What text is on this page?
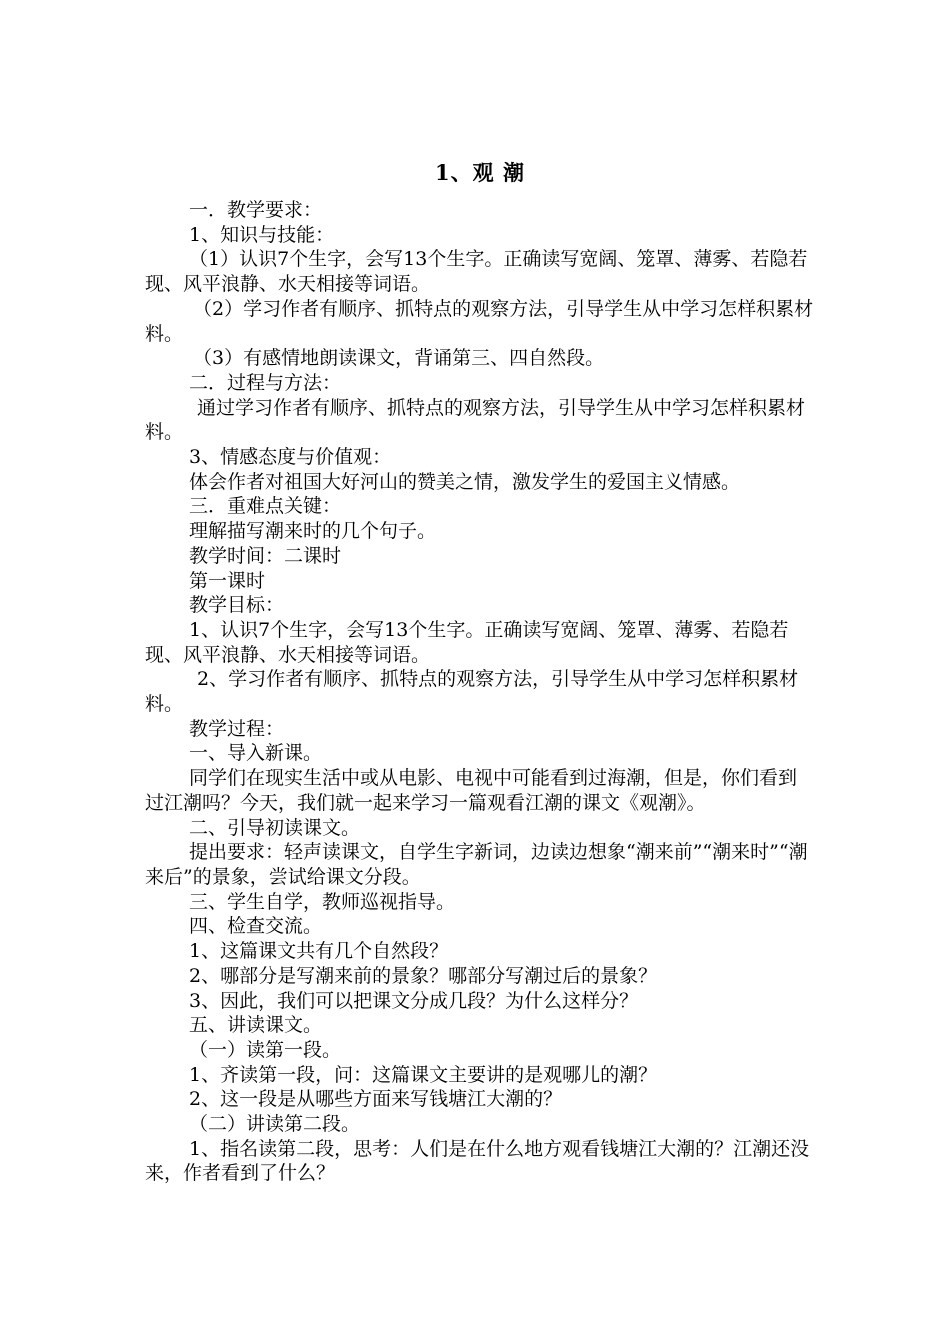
1、观 潮

一．教学要求：

1、知识与技能：

（1）认识7个生字，会写13个生字。正确读写宽阔、笼罩、薄雾、若隐若现、风平浪静、水天相接等词语。

（2）学习作者有顺序、抓特点的观察方法，引导学生从中学习怎样积累材料。

（3）有感情地朗读课文，背诵第三、四自然段。

二．过程与方法：

通过学习作者有顺序、抓特点的观察方法，引导学生从中学习怎样积累材料。

3、情感态度与价值观：

体会作者对祖国大好河山的赞美之情，激发学生的爱国主义情感。

三．重难点关键：

理解描写潮来时的几个句子。

教学时间：二课时

第一课时

教学目标：

1、认识7个生字，会写13个生字。正确读写宽阔、笼罩、薄雾、若隐若现、风平浪静、水天相接等词语。

2、学习作者有顺序、抓特点的观察方法，引导学生从中学习怎样积累材料。

教学过程：

一、导入新课。

同学们在现实生活中或从电影、电视中可能看到过海潮，但是，你们看到过江潮吗？今天，我们就一起来学习一篇观看江潮的课文《观潮》。

二、引导初读课文。

提出要求：轻声读课文，自学生字新词，边读边想象“潮来前”“潮来时”“潮来后”的景象，尝试给课文分段。

三、学生自学，教师巡视指导。

四、检查交流。

1、这篇课文共有几个自然段？

2、哪部分是写潮来前的景象？哪部分写潮过后的景象？

3、因此，我们可以把课文分成几段？为什么这样分？

五、讲读课文。

（一）读第一段。

1、齐读第一段，问：这篇课文主要讲的是观哪儿的潮？

2、这一段是从哪些方面来写钱塘江大潮的？

（二）讲读第二段。

1、指名读第二段，思考：人们是在什么地方观看钱塘江大潮的？江潮还没来，作者看到了什么？
